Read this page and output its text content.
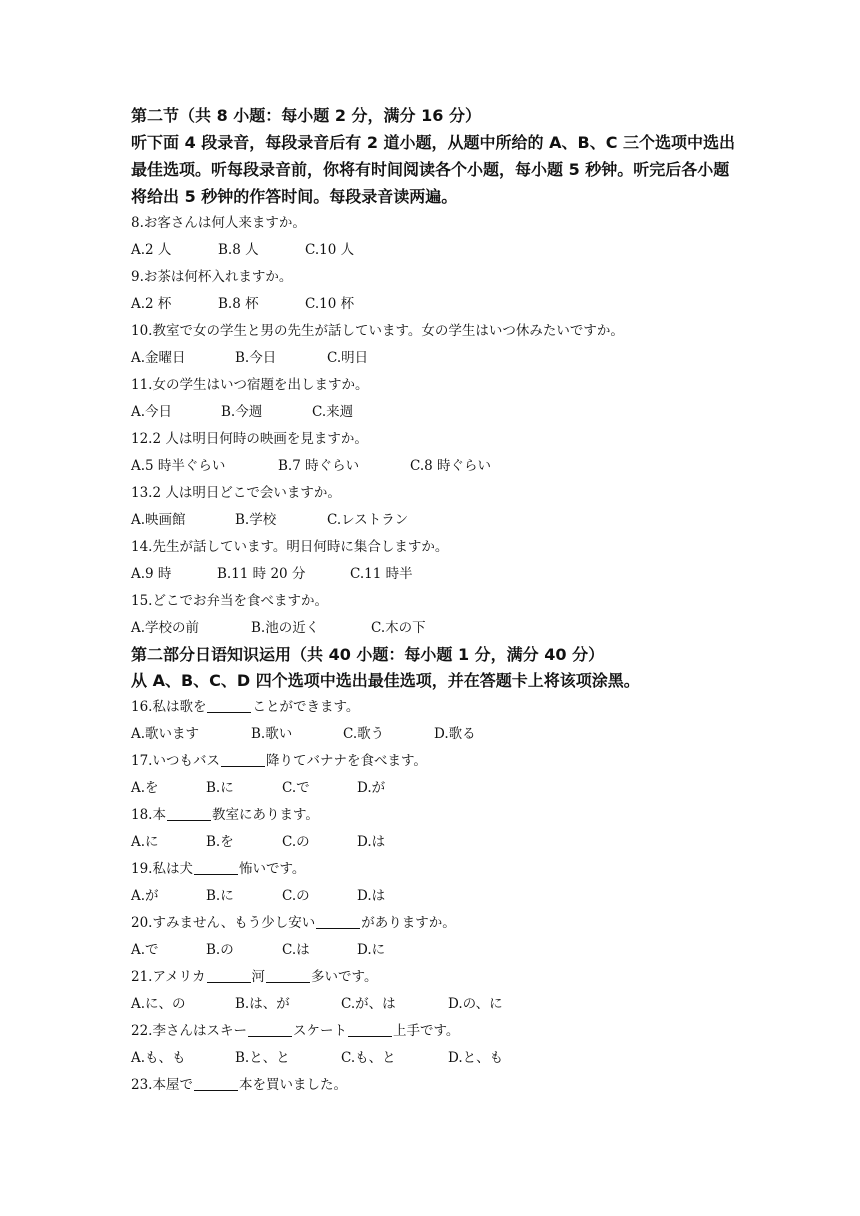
第二节（共 8 小题：每小题 2 分，满分 16 分）
听下面 4 段录音，每段录音后有 2 道小题，从题中所给的 A、B、C 三个选项中选出最佳选项。听每段录音前，你将有时间阅读各个小题，每小题 5 秒钟。听完后各小题将给出 5 秒钟的作答时间。每段录音读两遍。
8.お客さんは何人来ますか。
A.2 人	B.8 人	C.10 人
9.お茶は何杯入れますか。
A.2 杯	B.8 杯	C.10 杯
10.教室で女の学生と男の先生が話しています。女の学生はいつ休みたいですか。
A.金曜日	B.今日	C.明日
11.女の学生はいつ宿題を出しますか。
A.今日	B.今週	C.来週
12.2 人は明日何時の映画を見ますか。
A.5 時半ぐらい	B.7 時ぐらい	C.8 時ぐらい
13.2 人は明日どこで会いますか。
A.映画館	B.学校	C.レストラン
14.先生が話しています。明日何時に集合しますか。
A.9 時	B.11 時 20 分	C.11 時半
15.どこでお弁当を食べますか。
A.学校の前	B.池の近く	C.木の下
第二部分日语知识运用（共 40 小题：每小题 1 分，满分 40 分）
从 A、B、C、D 四个选项中选出最佳选项，并在答题卡上将该项涂黑。
16.私は歌を	ことができます。
A.歌います	B.歌い	C.歌う	D.歌る
17.いつもバス	降りてバナナを食べます。
A.を	B.に	C.で	D.が
18.本	教室にあります。
A.に	B.を	C.の	D.は
19.私は犬	怖いです。
A.が	B.に	C.の	D.は
20.すみません、もう少し安い	がありますか。
A.で	B.の	C.は	D.に
21.アメリカ	河	多いです。
A.に、の	B.は、が	C.が、は	D.の、に
22.李さんはスキー	スケート	上手です。
A.も、も	B.と、と	C.も、と	D.と、も
23.本屋で	本を買いました。
